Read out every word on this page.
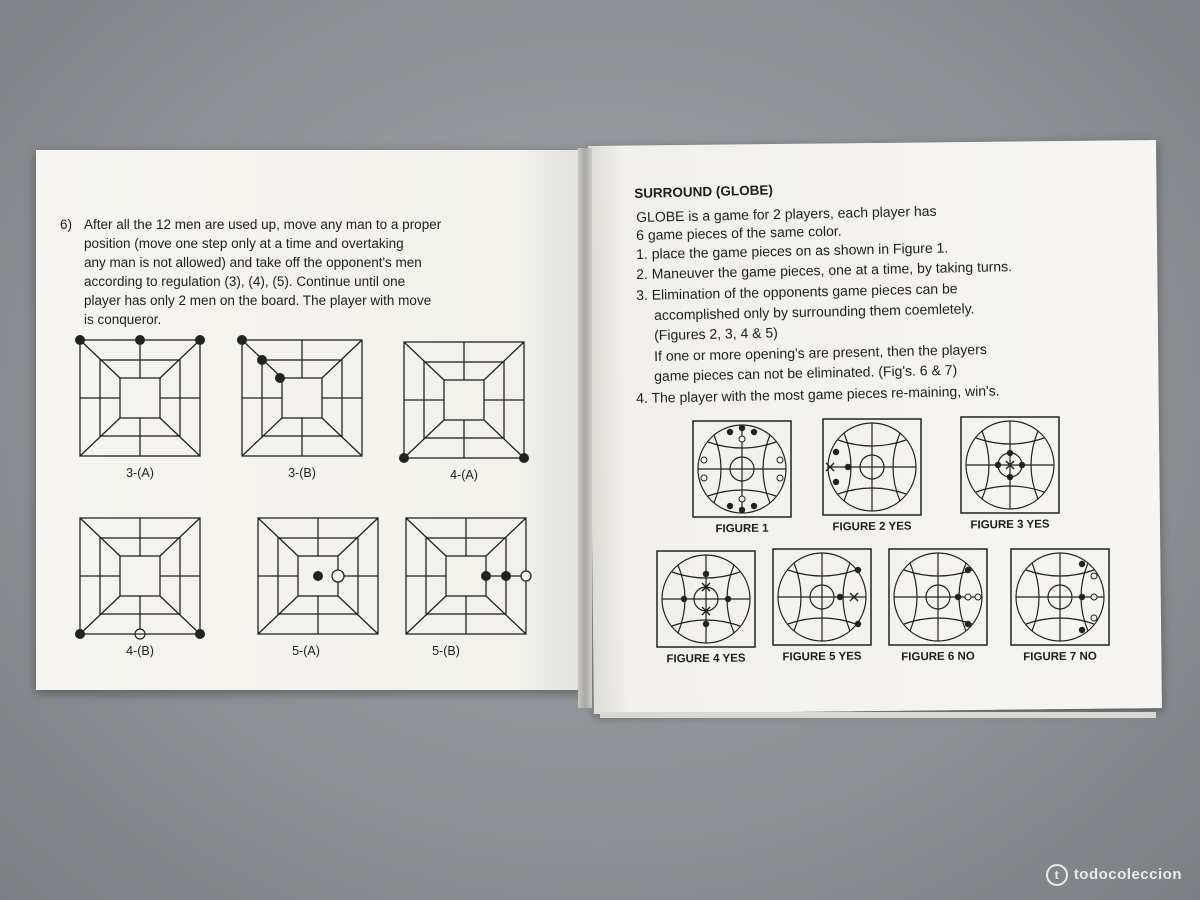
6) After all the 12 men are used up, move any man to a proper
position (move one step only at a time and overtaking
any man is not allowed) and take off the opponent's men
according to regulation (3), (4), (5). Continue until one
player has only 2 men on the board. The player with move
is conqueror.
3-(A)	3-(B)	4-(A)
4-(B)	5-(A)	5-(B)
SURROUND (GLOBE)
GLOBE is a game for 2 players, each player has
6 game pieces of the same color.
1. place the game pieces on as shown in Figure 1.
2. Maneuver the game pieces, one at a time, by taking turns.
3. Elimination of the opponents game pieces can be
accomplished only by surrounding them coemletely.
(Figures 2, 3, 4 & 5)
If one or more opening's are present, then the players
game pieces can not be eliminated. (Fig's. 6 & 7)
4. The player with the most game pieces re-maining, win's.
FIGURE 1	FIGURE 2 YES	FIGURE 3 YES
FIGURE 4 YES	FIGURE 5 YES	FIGURE 6 NO	FIGURE 7 NO
t todocoleccion
